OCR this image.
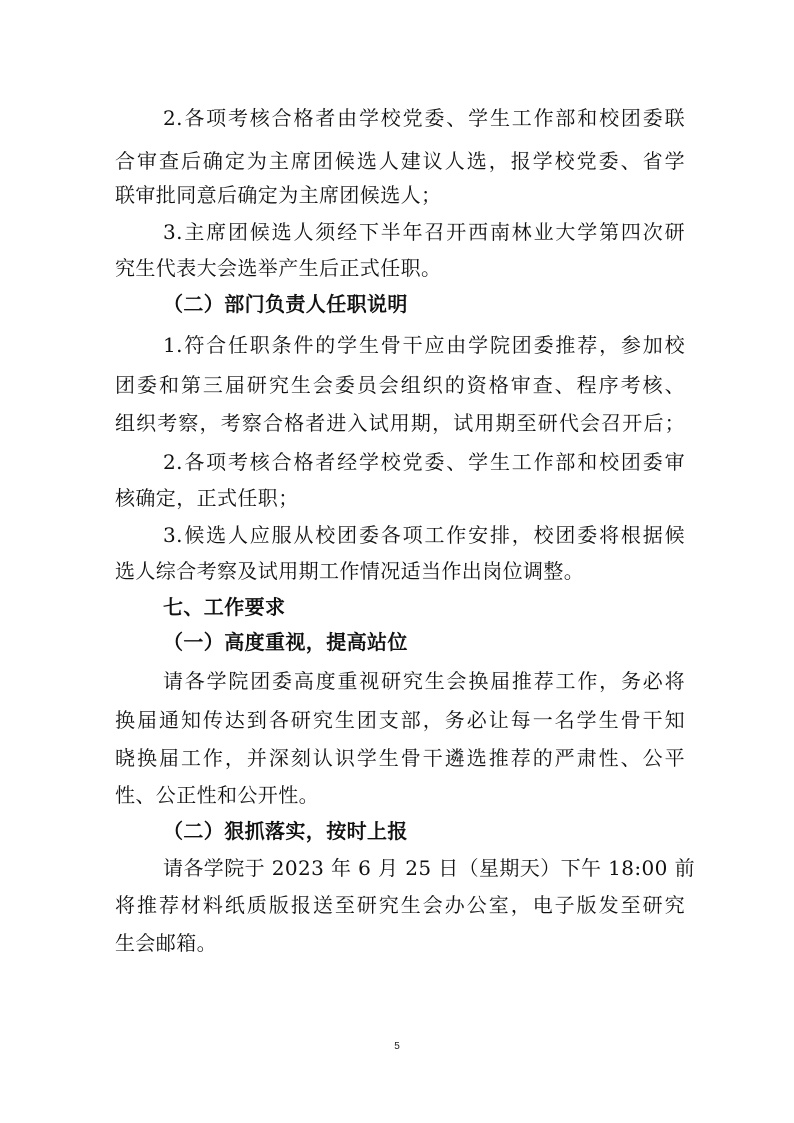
2.各项考核合格者由学校党委、学生工作部和校团委联
合审查后确定为主席团候选人建议人选，报学校党委、省学
联审批同意后确定为主席团候选人；
3.主席团候选人须经下半年召开西南林业大学第四次研
究生代表大会选举产生后正式任职。
（二）部门负责人任职说明
1.符合任职条件的学生骨干应由学院团委推荐，参加校
团委和第三届研究生会委员会组织的资格审查、程序考核、
组织考察，考察合格者进入试用期，试用期至研代会召开后；
2.各项考核合格者经学校党委、学生工作部和校团委审
核确定，正式任职；
3.候选人应服从校团委各项工作安排，校团委将根据候
选人综合考察及试用期工作情况适当作出岗位调整。
七、工作要求
（一）高度重视，提高站位
请各学院团委高度重视研究生会换届推荐工作，务必将
换届通知传达到各研究生团支部，务必让每一名学生骨干知
晓换届工作，并深刻认识学生骨干遴选推荐的严肃性、公平
性、公正性和公开性。
（二）狠抓落实，按时上报
请各学院于 2023 年 6 月 25 日（星期天）下午 18:00 前
将推荐材料纸质版报送至研究生会办公室，电子版发至研究
生会邮箱。
5
